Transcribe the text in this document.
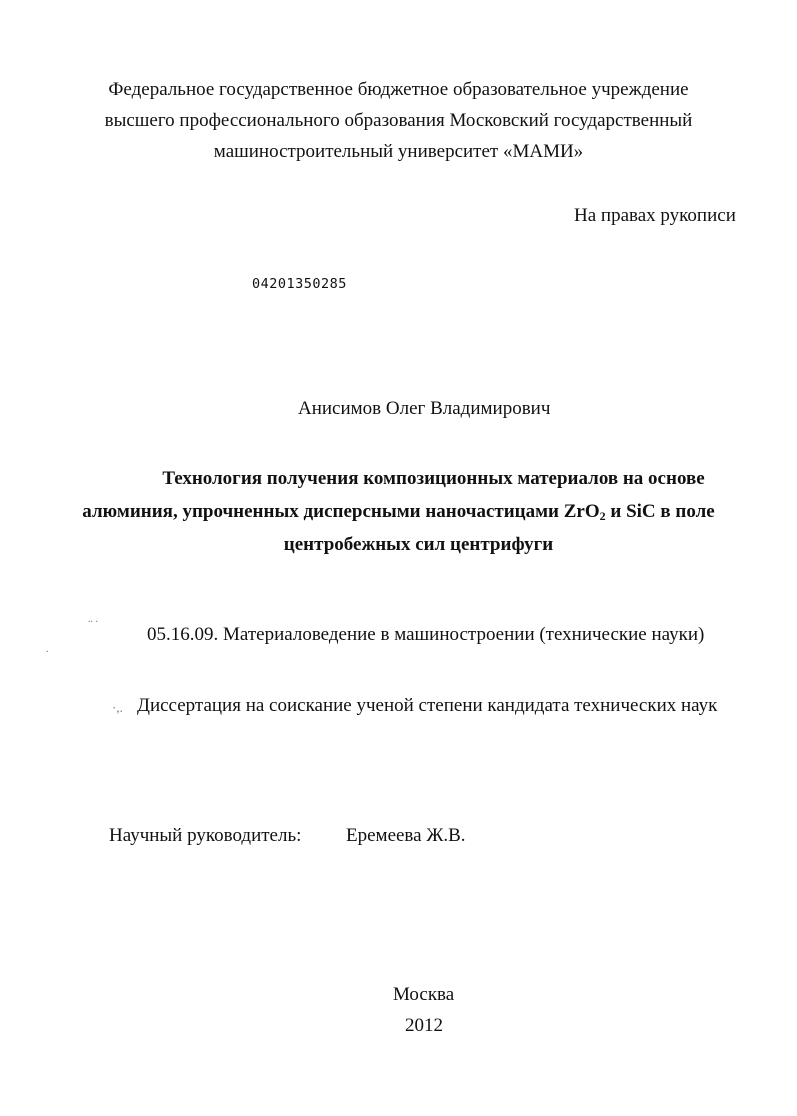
Федеральное государственное бюджетное образовательное учреждение
высшего профессионального образования Московский государственный
машиностроительный университет «МАМИ»
На правах рукописи
04201350285
Анисимов Олег Владимирович
Технология получения композиционных материалов на основе
алюминия, упрочненных дисперсными наночастицами ZrO$_2$ и SiC в поле
центробежных сил центрифуги
.. .
.
05.16.09. Материаловедение в машиностроении (технические науки)
·,. Диссертация на соискание ученой степени кандидата технических наук
Научный руководитель: Еремеева Ж.В.
Москва
2012
